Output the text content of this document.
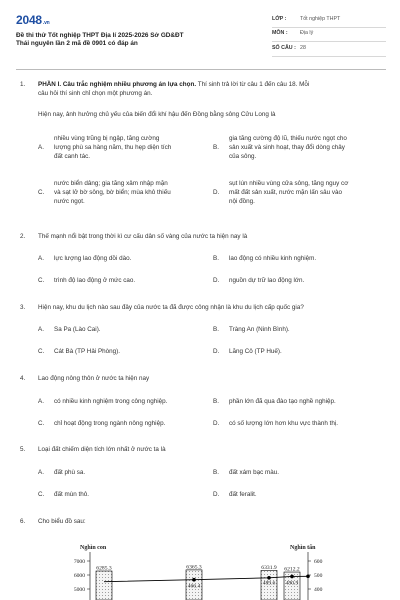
2048.vn
Đề thi thử Tốt nghiệp THPT Địa lí 2025-2026 Sở GD&ĐT
Thái nguyên lần 2 mã đề 0901 có đáp án
LỚP :	Tốt nghiệp THPT
MÔN :	Địa lý
SỐ CÂU : 28
1.	PHẦN I. Câu trắc nghiệm nhiều phương án lựa chọn. Thí sinh trả lời từ câu 1 đến câu 18. Mỗi
câu hỏi thí sinh chỉ chọn một phương án.
Hiện nay, ảnh hưởng chủ yếu của biến đổi khí hậu đến Đồng bằng sông Cửu Long là
A.
nhiều vùng trũng bị ngập, tăng cường
lượng phù sa hàng năm, thu hẹp diện tích
đất canh tác.
B.
gia tăng cường độ lũ, thiếu nước ngọt cho
sản xuất và sinh hoạt, thay đổi dòng chảy
của sông.
C.
nước biển dâng; gia tăng xâm nhập mặn
và sạt lở bờ sông, bờ biển; mùa khô thiếu
nước ngọt.
D.
sụt lún nhiều vùng cửa sông, tăng nguy cơ
mất đất sản xuất, nước mặn lấn sâu vào
nội đồng.
2.	Thế mạnh nổi bật trong thời kì cư cấu dân số vàng của nước ta hiện nay là
A. lực lượng lao động dồi dào.	B. lao động có nhiều kinh nghiệm.
C. trình độ lao động ở mức cao.	D. nguồn dự trữ lao động lớn.
3.	Hiện nay, khu du lịch nào sau đây của nước ta đã được công nhận là khu du lịch cấp quốc gia?
A. Sa Pa (Lào Cai).	B. Tràng An (Ninh Bình).
C. Cát Bà (TP Hải Phòng).	D. Lăng Cô (TP Huế).
4.	Lao động nông thôn ở nước ta hiện nay
A. có nhiều kinh nghiệm trong công nghiệp.	B. phần lớn đã qua đào tạo nghề nghiệp.
C. chỉ hoạt động trong ngành nông nghiệp.	D. có số lượng lớn hơn khu vực thành thị.
5.	Loại đất chiếm diện tích lớn nhất ở nước ta là
A. đất phù sa.	B. đất xám bạc màu.
C. đất mùn thô.	D. đất feralit.
6.	Cho biểu đồ sau:
Nghìn con	Nghìn tấn
7000
6000
5000
600
500
400
6285.3	6365.3	6331.9 6212.2
466.4
489.6 490.9
